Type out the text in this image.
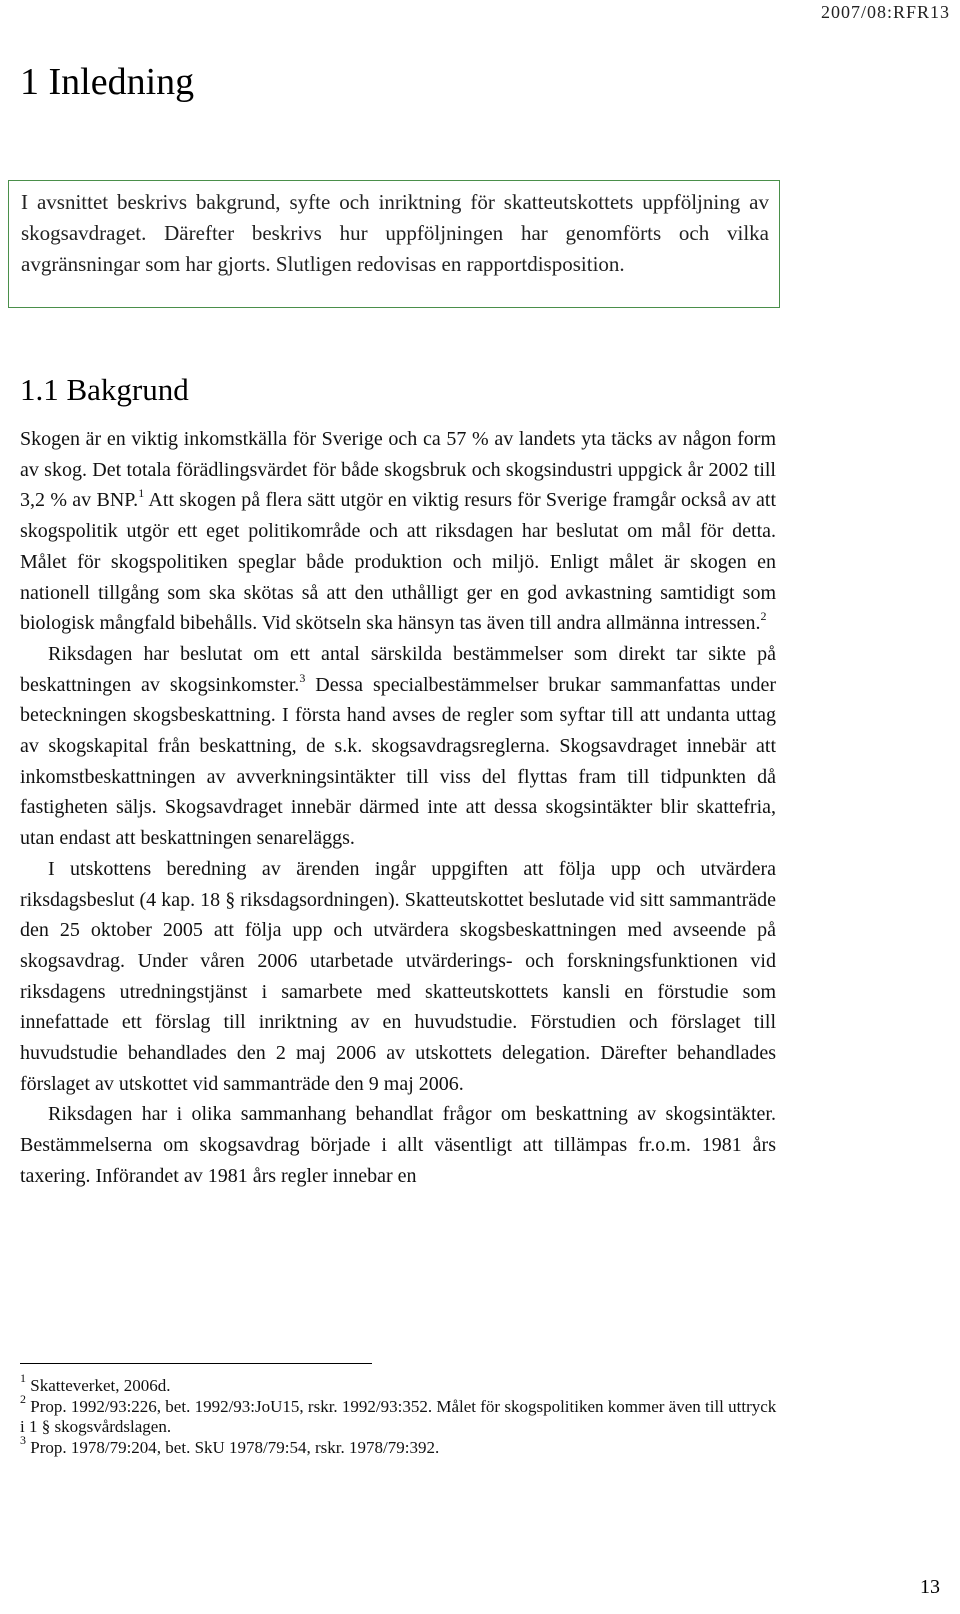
2007/08:RFR13
1 Inledning

I avsnittet beskrivs bakgrund, syfte och inriktning för skatteutskottets uppföljning av skogsavdraget. Därefter beskrivs hur uppföljningen har genomförts och vilka avgränsningar som har gjorts. Slutligen redovisas en rapportdisposition.

1.1 Bakgrund

Skogen är en viktig inkomstkälla för Sverige och ca 57 % av landets yta täcks av någon form av skog. Det totala förädlingsvärdet för både skogsbruk och skogsindustri uppgick år 2002 till 3,2 % av BNP.$^1$ Att skogen på flera sätt utgör en viktig resurs för Sverige framgår också av att skogspolitik utgör ett eget politikområde och att riksdagen har beslutat om mål för detta. Målet för skogspolitiken speglar både produktion och miljö. Enligt målet är skogen en nationell tillgång som ska skötas så att den uthålligt ger en god avkastning samtidigt som biologisk mångfald bibehålls. Vid skötseln ska hänsyn tas även till andra allmänna intressen.$^2$

Riksdagen har beslutat om ett antal särskilda bestämmelser som direkt tar sikte på beskattningen av skogsinkomster.$^3$ Dessa specialbestämmelser brukar sammanfattas under beteckningen skogsbeskattning. I första hand avses de regler som syftar till att undanta uttag av skogskapital från beskattning, de s.k. skogsavdragsreglerna. Skogsavdraget innebär att inkomstbeskattningen av avverkningsintäkter till viss del flyttas fram till tidpunkten då fastigheten säljs. Skogsavdraget innebär därmed inte att dessa skogsintäkter blir skattefria, utan endast att beskattningen senareläggs.

I utskottens beredning av ärenden ingår uppgiften att följa upp och utvärdera riksdagsbeslut (4 kap. 18 § riksdagsordningen). Skatteutskottet beslutade vid sitt sammanträde den 25 oktober 2005 att följa upp och utvärdera skogsbeskattningen med avseende på skogsavdrag. Under våren 2006 utarbetade utvärderings- och forskningsfunktionen vid riksdagens utredningstjänst i samarbete med skatteutskottets kansli en förstudie som innefattade ett förslag till inriktning av en huvudstudie. Förstudien och förslaget till huvudstudie behandlades den 2 maj 2006 av utskottets delegation. Därefter behandlades förslaget av utskottet vid sammanträde den 9 maj 2006.

Riksdagen har i olika sammanhang behandlat frågor om beskattning av skogsintäkter. Bestämmelserna om skogsavdrag började i allt väsentligt att tillämpas fr.o.m. 1981 års taxering. Införandet av 1981 års regler innebar en

$^1$ Skatteverket, 2006d.

$^2$ Prop. 1992/93:226, bet. 1992/93:JoU15, rskr. 1992/93:352. Målet för skogspolitiken kommer även till uttryck i 1 § skogsvårdslagen.

$^3$ Prop. 1978/79:204, bet. SkU 1978/79:54, rskr. 1978/79:392.

13
